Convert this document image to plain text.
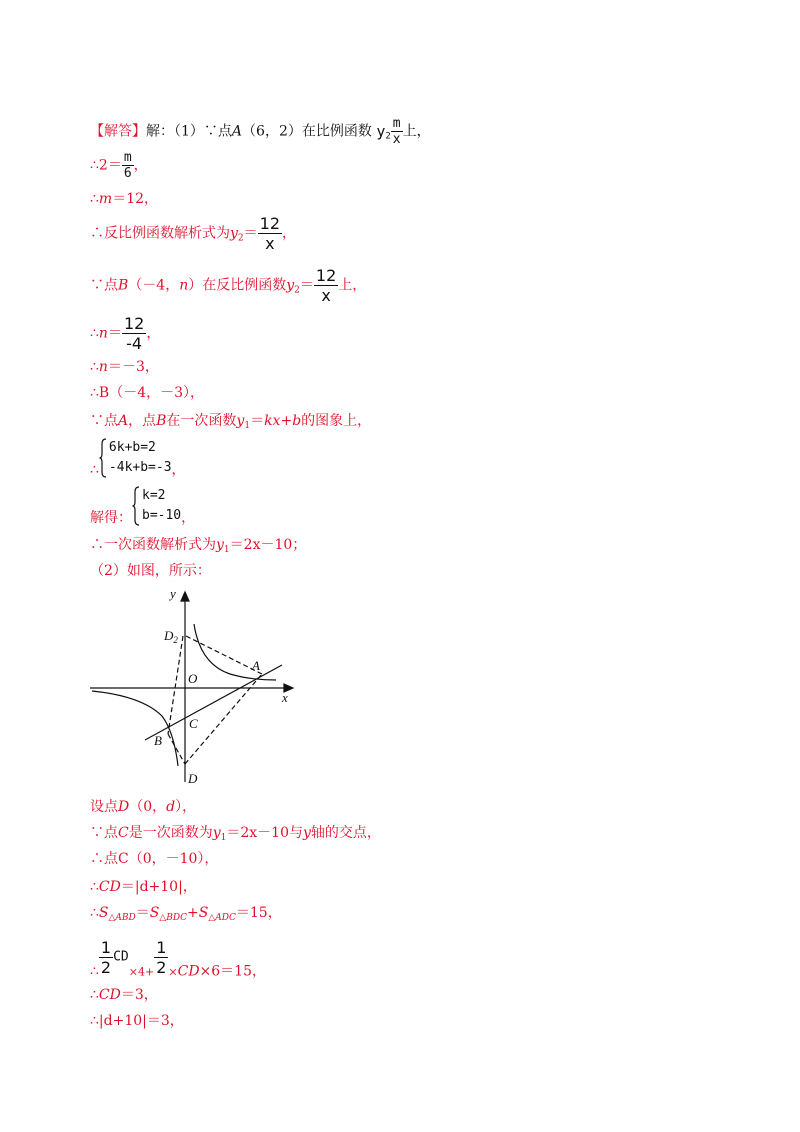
【解答】解：（1）∵点A（6，2）在比例函数 $y_2 \frac{m}{x}$ 上，
∴2＝ $\frac{m}{6}$ ，
∴m＝12，
∴反比例函数解析式为$y_2= \frac{12}{x}$ ，
∵点B（－4，n）在反比例函数$y_2= \frac{12}{x}$ 上，
∴n＝ $\frac{12}{-4}$ ，
∴n＝－3，
∴B（－4，－3），
∵点A，点B在一次函数$y_1=kx+b$的图象上，
∴
6k+b=2
-4k+b=-3 ，
解得：
k=2
b=-10 ，
∴一次函数解析式为$y_1=2x-10$；
（2）如图，所示：
y
x
O
A
B
C
D
$D_2$
设点D（0，d），
∵点C是一次函数为$y_1=2x-10$与y轴的交点，
∴点C（0，－10），
∴CD＝|d+10|，
$\therefore S_{\triangle ABD}=S_{\triangle BDC}+S_{\triangle ADC}=15$，
∴ $\frac{1}{2} CD_{\times 4+} \frac{1}{2} _\times CD\times 6=15$，
∴CD＝3，
∴|d+10|＝3，
